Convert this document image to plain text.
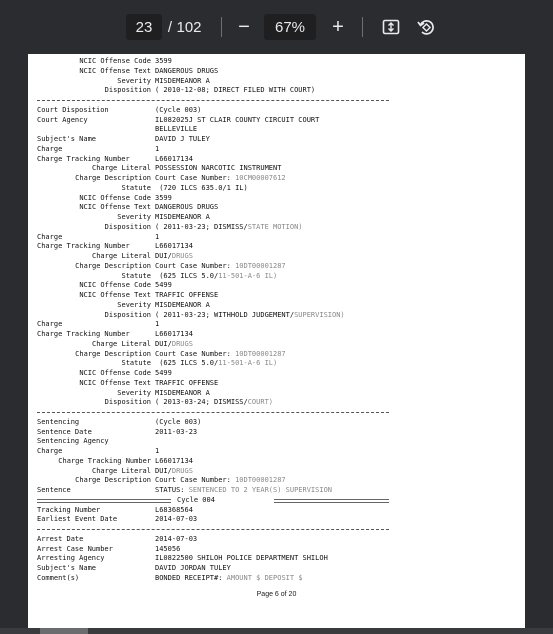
23 / 102 −	67% +
NCIC Offense Code 3599
NCIC Offense Text DANGEROUS DRUGS
Severity MISDEMEANOR A
Disposition ( 2010-12-08; DIRECT FILED WITH COURT)
Court Disposition	(Cycle 003)
Court Agency	IL082025J ST CLAIR COUNTY CIRCUIT COURT
BELLEVILLE
Subject's Name	DAVID J TULEY
Charge	1
Charge Tracking Number	L66017134
Charge Literal POSSESSION NARCOTIC INSTRUMENT
Charge Description Court Case Number: 10CM00007612
Statute (720 ILCS 635.0/1 IL)
NCIC Offense Code 3599
NCIC Offense Text DANGEROUS DRUGS
Severity MISDEMEANOR A
Disposition ( 2011-03-23; DISMISS/STATE MOTION)
Charge	1
Charge Tracking Number	L66017134
Charge Literal DUI/DRUGS
Charge Description Court Case Number: 10DT00001287
Statute (625 ILCS 5.0/11-501-A-6 IL)
NCIC Offense Code 5499
NCIC Offense Text TRAFFIC OFFENSE
Severity MISDEMEANOR A
Disposition ( 2011-03-23; WITHHOLD JUDGEMENT/SUPERVISION)
Charge	1
Charge Tracking Number	L66017134
Charge Literal DUI/DRUGS
Charge Description Court Case Number: 10DT00001287
Statute (625 ILCS 5.0/11-501-A-6 IL)
NCIC Offense Code 5499
NCIC Offense Text TRAFFIC OFFENSE
Severity MISDEMEANOR A
Disposition ( 2013-03-24; DISMISS/COURT)
Sentencing	(Cycle 003)
Sentence Date	2011-03-23
Sentencing Agency
Charge	1
Charge Tracking Number L66017134
Charge Literal DUI/DRUGS
Charge Description Court Case Number: 10DT00001287
Sentence	STATUS: SENTENCED TO 2 YEAR(S) SUPERVISION
Cycle 004
Tracking Number	L68368564
Earliest Event Date	2014-07-03
Arrest Date	2014-07-03
Arrest Case Number	145056
Arresting Agency	IL0822500 SHILOH POLICE DEPARTMENT SHILOH
Subject's Name	DAVID JORDAN TULEY
Comment(s)	BONDED RECEIPT#: AMOUNT $ DEPOSIT $
Page 6 of 20
